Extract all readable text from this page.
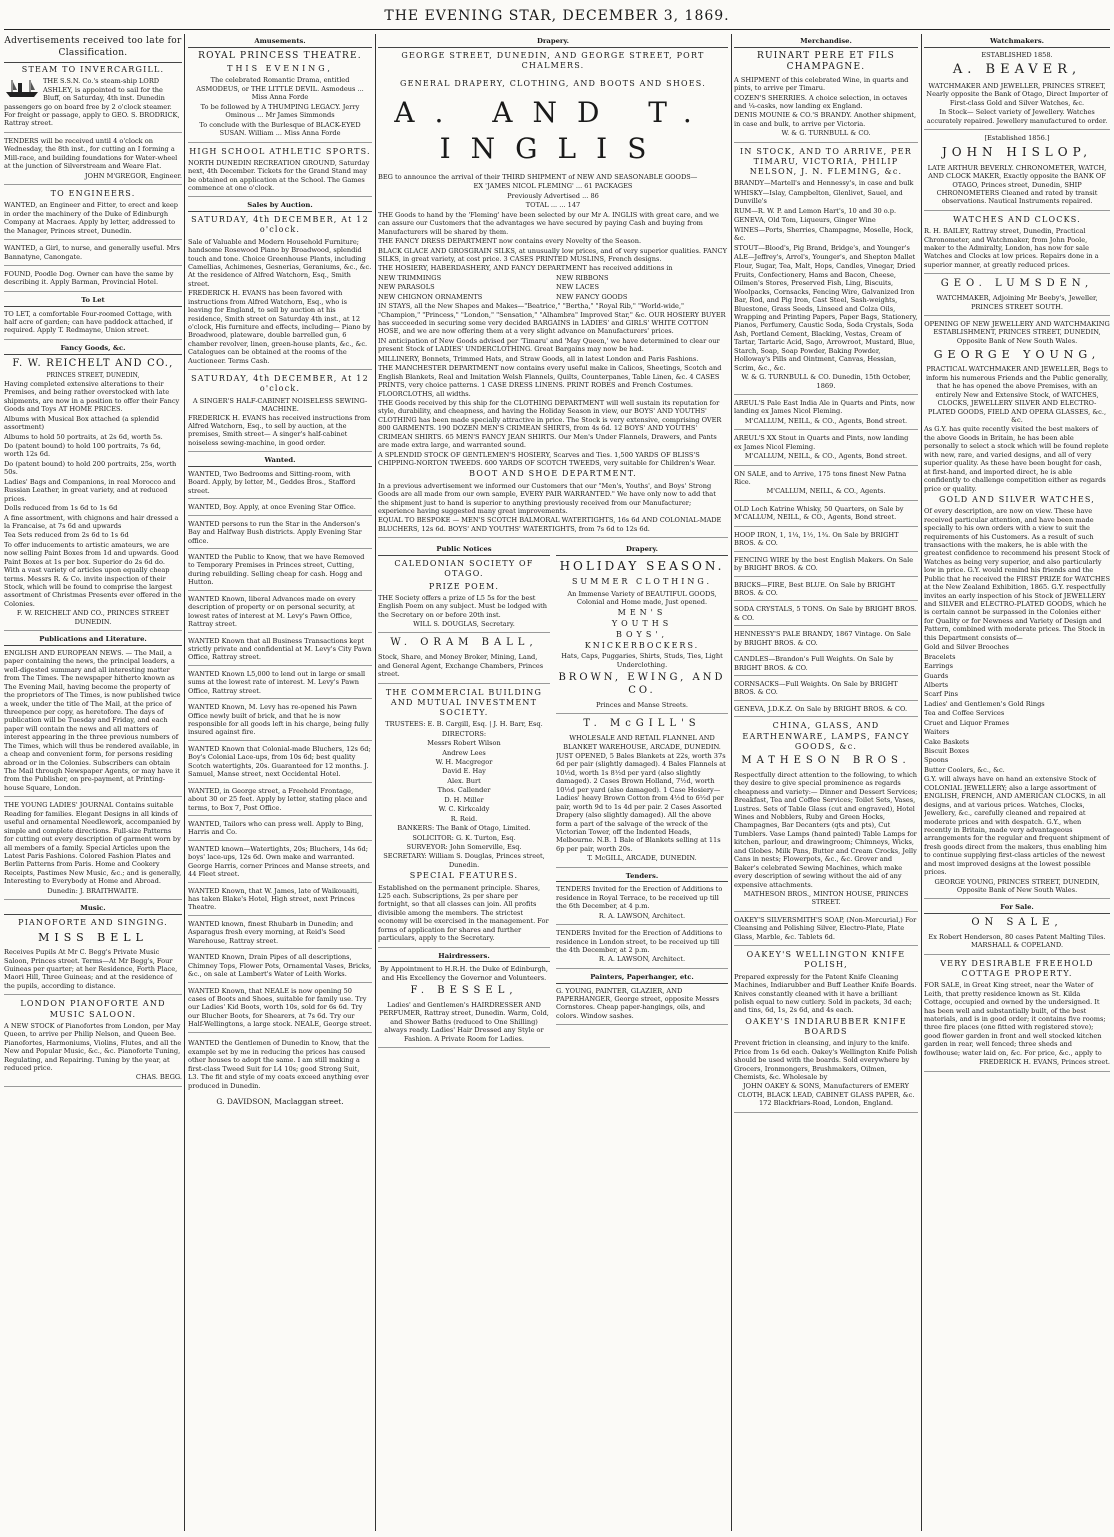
THE EVENING STAR, DECEMBER 3, 1869.
Advertisements received too late for Classification.
STEAM TO INVERCARGILL.

THE S.S.N. Co.'s steam-ship LORD ASHLEY, is appointed to sail for the Bluff, on Saturday, 4th inst. Dunedin passengers go on board free by 2 o'clock steamer. For freight or passage, apply to GEO. S. BRODRICK, Rattray street.

TENDERS will be received until 4 o'clock on Wednesday, the 8th inst., for cutting an I forming a Mill-race, and building foundations for Water-wheel at the junction of Silverstream and Weare Flat.

JOHN M'GREGOR, Engineer.

TO ENGINEERS.

WANTED, an Engineer and Fitter, to erect and keep in order the machinery of the Duke of Edinburgh Company at Macraes. Apply by letter, addressed to the Manager, Princes street, Dunedin.

WANTED, a Girl, to nurse, and generally useful. Mrs Bannatyne, Canongate.

FOUND, Poodle Dog. Owner can have the same by describing it. Apply Barman, Provincial Hotel.

To Let

TO LET, a comfortable Four-roomed Cottage, with half acre of garden; can have paddock attached, if required. Apply T. Redmayne, Union street.

Fancy Goods, &c.
F. W. REICHELT AND CO.,
PRINCES STREET, DUNEDIN,

Having completed extensive alterations to their Premises, and being rather overstocked with late shipments, are now in a position to offer their Fancy Goods and Toys AT HOME PRICES.

Albums with Musical Box attached (a splendid assortment)

Albums to hold 50 portraits, at 2s 6d, worth 5s.

Do (patent bound) to hold 100 portraits, 7s 6d, worth 12s 6d.

Do (patent bound) to hold 200 portraits, 25s, worth 50s.

Ladies' Bags and Companions, in real Morocco and Russian Leather, in great variety, and at reduced prices.

Dolls reduced from 1s 6d to 1s 6d

A fine assortment, with chignons and hair dressed a la Francaise, at 7s 6d and upwards

Tea Sets reduced from 2s 6d to 1s 6d

To offer inducements to artistic amateurs, we are now selling Paint Boxes from 1d and upwards. Good Paint Boxes at 1s per box. Superior do 2s 6d do. With a vast variety of articles upon equally cheap terms. Messrs R. & Co. invite inspection of their Stock, which will be found to comprise the largest assortment of Christmas Presents ever offered in the Colonies.

F. W. REICHELT AND CO., PRINCES STREET DUNEDIN.

Publications and Literature.

ENGLISH AND EUROPEAN NEWS. — The Mail, a paper containing the news, the principal leaders, a well-digested summary and all interesting matter from The Times. The newspaper hitherto known as The Evening Mail, having become the property of the proprietors of The Times, is now published twice a week, under the title of The Mail, at the price of threepence per copy, as heretofore. The days of publication will be Tuesday and Friday, and each paper will contain the news and all matters of interest appearing in the three previous numbers of The Times, which will thus be rendered available, in a cheap and convenient form, for persons residing abroad or in the Colonies. Subscribers can obtain The Mail through Newspaper Agents, or may have it from the Publisher, on pre-payment, at Printing-house Square, London.

THE YOUNG LADIES' JOURNAL Contains suitable Reading for families. Elegant Designs in all kinds of useful and ornamental Needlework, accompanied by simple and complete directions. Full-size Patterns for cutting out every description of garment worn by all members of a family. Special Articles upon the Latest Paris Fashions. Colored Fashion Plates and Berlin Patterns from Paris. Home and Cookery Receipts, Pastimes New Music, &c.; and is generally, Interesting to Everybody at Home and Abroad.

Dunedin: J. BRAITHWAITE.

Music.
PIANOFORTE AND SINGING.
MISS BELL

Receives Pupils At Mr C. Begg's Private Music Saloon, Princes street. Terms—At Mr Begg's, Four Guineas per quarter; at her Residence, Forth Place, Maori Hill, Three Guineas; and at the residence of the pupils, according to distance.

LONDON PIANOFORTE AND MUSIC SALOON.

A NEW STOCK of Pianofortes from London, per May Queen, to arrive per Philip Nelson, and Queen Bee. Pianofortes, Harmoniums, Violins, Flutes, and all the New and Popular Music, &c., &c. Pianoforte Tuning, Regulating, and Repairing. Tuning by the year, at reduced price.

CHAS. BEGG.

Amusements.
ROYAL PRINCESS THEATRE.
THIS EVENING,

The celebrated Romantic Drama, entitled ASMODEUS, or THE LITTLE DEVIL. Asmodeus ... Miss Anna Forde

To be followed by A THUMPING LEGACY. Jerry Ominous ... Mr James Simmonds

To conclude with the Burlesque of BLACK-EYED SUSAN. William ... Miss Anna Forde

HIGH SCHOOL ATHLETIC SPORTS.

NORTH DUNEDIN RECREATION GROUND, Saturday next, 4th December. Tickets for the Grand Stand may be obtained on application at the School. The Games commence at one o'clock.

Sales by Auction.
SATURDAY, 4th DECEMBER, At 12 o'clock.

Sale of Valuable and Modern Household Furniture; handsome Rosewood Piano by Broadwood, splendid touch and tone. Choice Greenhouse Plants, including Camellias, Achimenes, Gesnerias, Geraniums, &c., &c. At the residence of Alfred Watchorn, Esq., Smith street.

FREDERICK H. EVANS has been favored with instructions from Alfred Watchorn, Esq., who is leaving for England, to sell by auction at his residence, Smith street on Saturday 4th inst., at 12 o'clock, His furniture and effects, including— Piano by Broadwood, plateware, double barrelled gun, 6 chamber revolver, linen, green-house plants, &c., &c. Catalogues can be obtained at the rooms of the Auctioneer. Terms Cash.

SATURDAY, 4th DECEMBER, At 12 o'clock.
A SINGER'S HALF-CABINET NOISELESS SEWING-MACHINE.

FREDERICK H. EVANS has received instructions from Alfred Watchorn, Esq., to sell by auction, at the premises, Smith street— A singer's half-cabinet noiseless sewing-machine, in good order.

Wanted.

WANTED, Two Bedrooms and Sitting-room, with Board. Apply, by letter, M., Geddes Bros., Stafford street.

WANTED, Boy. Apply, at once Evening Star Office.

WANTED persons to run the Star in the Anderson's Bay and Halfway Bush districts. Apply Evening Star office.

WANTED the Public to Know, that we have Removed to Temporary Premises in Princes street, Cutting, during rebuilding. Selling cheap for cash. Hogg and Hutton.

WANTED Known, liberal Advances made on every description of property or on personal security, at lowest rates of interest at M. Levy's Pawn Office, Rattray street.

WANTED Known that all Business Transactions kept strictly private and confidential at M. Levy's City Pawn Office, Rattray street.

WANTED Known L5,000 to lend out in large or small sums at the lowest rate of interest. M. Levy's Pawn Office, Rattray street.

WANTED Known, M. Levy has re-opened his Pawn Office newly built of brick, and that he is now responsible for all goods left in his charge, being fully insured against fire.

WANTED Known that Colonial-made Bluchers, 12s 6d; Boy's Colonial Lace-ups, from 10s 6d; best quality Scotch watertights, 20s. Guaranteed for 12 months. J. Samuel, Manse street, next Occidental Hotel.

WANTED, in George street, a Freehold Frontage, about 30 or 25 feet. Apply by letter, stating place and terms, to Box 7, Post Office.

WANTED, Tailors who can press well. Apply to Bing, Harris and Co.

WANTED known—Watertights, 20s; Bluchers, 14s 6d; boys' lace-ups, 12s 6d. Own make and warranted. George Harris, corner Princes and Manse streets, and 44 Fleet street.

WANTED Known, that W. James, late of Waikouaiti, has taken Blake's Hotel, High street, next Princes Theatre.

WANTED known, finest Rhubarb in Dunedin; and Asparagus fresh every morning, at Reid's Seed Warehouse, Rattray street.

WANTED Known, Drain Pipes of all descriptions, Chimney Tops, Flower Pots, Ornamental Vases, Bricks, &c., on sale at Lambert's Water of Leith Works.

WANTED Known, that NEALE is now opening 50 cases of Boots and Shoes, suitable for family use. Try our Ladies' Kid Boots, worth 10s, sold for 6s 6d. Try our Blucher Boots, for Shearers, at 7s 6d. Try our Half-Wellingtons, a large stock. NEALE, George street.

WANTED the Gentlemen of Dunedin to Know, that the example set by me in reducing the prices has caused other houses to adopt the same. I am still making a first-class Tweed Suit for L4 10s; good Strong Suit, L3. The fit and style of my coats exceed anything ever produced in Dunedin.

G. DAVIDSON, Maclaggan street.

Drapery.
GEORGE STREET, DUNEDIN, AND GEORGE STREET, PORT CHALMERS.
GENERAL DRAPERY, CLOTHING, AND BOOTS AND SHOES.
A. AND T. INGLIS

BEG to announce the arrival of their THIRD SHIPMENT of NEW AND SEASONABLE GOODS—

EX 'JAMES NICOL FLEMING' ... 61 PACKAGES

Previously Advertised ... 86

TOTAL ... ... 147

THE Goods to hand by the 'Fleming' have been selected by our Mr A. INGLIS with great care, and we can assure our Customers that the advantages we have secured by paying Cash and buying from Manufacturers will be shared by them.

THE FANCY DRESS DEPARTMENT now contains every Novelty of the Season.

BLACK GLACE AND GROSGRAIN SILKS, at unusually low prices, and of very superior qualities. FANCY SILKS, in great variety, at cost price. 3 CASES PRINTED MUSLINS, French designs.

THE HOSIERY, HABERDASHERY, AND FANCY DEPARTMENT has received additions in

NEW TRIMMINGS

NEW PARASOLS

NEW CHIGNON ORNAMENTS

NEW RIBBONS

NEW LACES

NEW FANCY GOODS

IN STAYS, all the New Shapes and Makes—"Beatrice," "Bertha," "Royal Rib," "World-wide," "Champion," "Princess," "London," "Sensation," "Alhambra" Improved Star," &c. OUR HOSIERY BUYER has succeeded in securing some very decided BARGAINS in LADIES' and GIRLS' WHITE COTTON HOSE, and we are now offering them at a very slight advance on Manufacturers' prices.

IN anticipation of New Goods advised per 'Timaru' and 'May Queen,' we have determined to clear our present Stock of LADIES' UNDERCLOTHING. Great Bargains may now be had.

MILLINERY, Bonnets, Trimmed Hats, and Straw Goods, all in latest London and Paris Fashions.

THE MANCHESTER DEPARTMENT now contains every useful make in Calicos, Sheetings, Scotch and English Blankets, Real and Imitation Welsh Flannels, Quilts, Counterpanes, Table Linen, &c. 4 CASES PRINTS, very choice patterns. 1 CASE DRESS LINENS. PRINT ROBES and French Costumes. FLOORCLOTHS, all widths.

THE Goods received by this ship for the CLOTHING DEPARTMENT will well sustain its reputation for style, durability, and cheapness, and having the Holiday Season in view, our BOYS' AND YOUTHS' CLOTHING has been made specially attractive in price. The Stock is very extensive, comprising OVER 800 GARMENTS. 190 DOZEN MEN'S CRIMEAN SHIRTS, from 4s 6d. 12 BOYS' AND YOUTHS' CRIMEAN SHIRTS. 65 MEN'S FANCY JEAN SHIRTS. Our Men's Under Flannels, Drawers, and Pants are made extra large, and warranted sound.

A SPLENDID STOCK OF GENTLEMEN'S HOSIERY, Scarves and Ties. 1,500 YARDS OF BLISS'S CHIPPING-NORTON TWEEDS. 600 YARDS OF SCOTCH TWEEDS, very suitable for Children's Wear.

BOOT AND SHOE DEPARTMENT.

In a previous advertisement we informed our Customers that our "Men's, Youths', and Boys' Strong Goods are all made from our own sample, EVERY PAIR WARRANTED." We have only now to add that the shipment just to hand is superior to anything previously received from our Manufacturer; experience having suggested many great improvements.

EQUAL TO BESPOKE — MEN'S SCOTCH BALMORAL WATERTIGHTS, 16s 6d AND COLONIAL-MADE BLUCHERS, 12s 6d. BOYS' AND YOUTHS' WATERTIGHTS, from 7s 6d to 12s 6d.

Public Notices
CALEDONIAN SOCIETY OF OTAGO.
PRIZE POEM.

THE Society offers a prize of L5 5s for the best English Poem on any subject. Must be lodged with the Secretary on or before 20th inst.

WILL S. DOUGLAS, Secretary.

W. ORAM BALL,

Stock, Share, and Money Broker, Mining, Land, and General Agent, Exchange Chambers, Princes street.

THE COMMERCIAL BUILDING AND MUTUAL INVESTMENT SOCIETY.

TRUSTEES: E. B. Cargill, Esq. | J. H. Barr, Esq.

DIRECTORS:

Messrs Robert Wilson

Andrew Lees

W. H. Macgregor

David E. Hay

Alex. Burt

Thos. Callender

D. H. Miller

W. C. Kirkcaldy

R. Reid.

BANKERS: The Bank of Otago, Limited.

SOLICITOR: G. K. Turton, Esq.

SURVEYOR: John Somerville, Esq.

SECRETARY: William S. Douglas, Princes street, Dunedin.

SPECIAL FEATURES.

Established on the permanent principle. Shares, L25 each. Subscriptions, 2s per share per fortnight, so that all classes can join. All profits divisible among the members. The strictest economy will be exercised in the management. For forms of application for shares and further particulars, apply to the Secretary.

Hairdressers.

By Appointment to H.R.H. the Duke of Edinburgh, and His Excellency the Governor and Volunteers.

F. BESSEL,

Ladies' and Gentlemen's HAIRDRESSER AND PERFUMER, Rattray street, Dunedin. Warm, Cold, and Shower Baths (reduced to One Shilling) always ready. Ladies' Hair Dressed any Style or Fashion. A Private Room for Ladies.

Drapery.
HOLIDAY SEASON.
SUMMER CLOTHING.

An Immense Variety of BEAUTIFUL GOODS, Colonial and Home made, Just opened.

MEN'S

YOUTHS

BOYS',

KNICKERBOCKERS.

Hats, Caps, Puggaries, Shirts, Studs, Ties, Light Underclothing.

BROWN, EWING, AND CO.

Princes and Manse Streets.

T. McGILL'S

WHOLESALE AND RETAIL FLANNEL AND BLANKET WAREHOUSE, ARCADE, DUNEDIN.

JUST OPENED, 5 Bales Blankets at 22s, worth 37s 6d per pair (slightly damaged). 4 Bales Flannels at 10½d, worth 1s 8½d per yard (also slightly damaged). 2 Cases Brown Holland, 7½d, worth 10½d per yard (also damaged). 1 Case Hosiery—Ladies' heavy Brown Cotton from 4½d to 6½d per pair, worth 9d to 1s 4d per pair. 2 Cases Assorted Drapery (also slightly damaged). All the above form a part of the salvage of the wreck of the Victorian Tower, off the Indented Heads, Melbourne. N.B. 1 Bale of Blankets selling at 11s 6p per pair, worth 20s.

T. McGILL, ARCADE, DUNEDIN.

Tenders.

TENDERS Invited for the Erection of Additions to residence in Royal Terrace, to be received up till the 6th December, at 4 p.m.

R. A. LAWSON, Architect.

TENDERS Invited for the Erection of Additions to residence in London street, to be received up till the 4th December, at 2 p.m.

R. A. LAWSON, Architect.

Painters, Paperhanger, etc.

G. YOUNG, PAINTER, GLAZIER, AND PAPERHANGER, George street, opposite Messrs Cornstores. Cheap paper-hangings, oils, and colors. Window sashes.

Merchandise.
RUINART PERE ET FILS CHAMPAGNE.

A SHIPMENT of this celebrated Wine, in quarts and pints, to arrive per Timaru.

COZEN'S SHERRIES. A choice selection, in octaves and ¼-casks, now landing ex England.

DENIS MOUNIE & CO.'S BRANDY. Another shipment, in case and bulk, to arrive per Victoria.

W. & G. TURNBULL & CO.

IN STOCK, AND TO ARRIVE, PER TIMARU, VICTORIA, PHILIP NELSON, J. N. FLEMING, &c.

BRANDY—Martell's and Hennessy's, in case and bulk

WHISKY—Islay, Campbelton, Glenlivet, Sauel, and Dunville's

RUM—R. W. P. and Lemon Hart's, 10 and 30 o.p.

GENEVA, Old Tom, Liqueurs, Ginger Wine

WINES—Ports, Sherries, Champagne, Moselle, Hock, &c.

STOUT—Blood's, Pig Brand, Bridge's, and Younger's

ALE—Jeffrey's, Arrol's, Younger's, and Shepton Mallet

Flour, Sugar, Tea, Malt, Hops, Candles, Vinegar, Dried Fruits, Confectionery, Hams and Bacon, Cheese, Oilmen's Stores, Preserved Fish, Ling, Biscuits, Woolpacks, Cornsacks, Fencing Wire, Galvanized Iron Bar, Rod, and Pig Iron, Cast Steel, Sash-weights, Bluestone, Grass Seeds, Linseed and Colza Oils, Wrapping and Printing Papers, Paper Bags, Stationery, Pianos, Perfumery, Caustic Soda, Soda Crystals, Soda Ash, Portland Cement, Blacking, Vestas, Cream of Tartar, Tartaric Acid, Sago, Arrowroot, Mustard, Blue, Starch, Soap, Soap Powder, Baking Powder, Holloway's Pills and Ointment, Canvas, Hessian, Scrim, &c., &c.

W. & G. TURNBULL & CO. Dunedin, 15th October, 1869.

AREUL'S Pale East India Ale in Quarts and Pints, now landing ex James Nicol Fleming.

M'CALLUM, NEILL, & CO., Agents, Bond street.

AREUL'S XX Stout in Quarts and Pints, now landing ex James Nicol Fleming.

M'CALLUM, NEILL, & CO., Agents, Bond street.

ON SALE, and to Arrive, 175 tons finest New Patna Rice.

M'CALLUM, NEILL, & CO., Agents.

OLD Loch Katrine Whisky, 50 Quarters, on Sale by M'CALLUM, NEILL, & CO., Agents, Bond street.

HOOP IRON, 1, 1¼, 1½, 1¾. On Sale by BRIGHT BROS. & CO.

FENCING WIRE by the best English Makers. On Sale by BRIGHT BROS. & CO.

BRICKS—FIRE, Best BLUE. On Sale by BRIGHT BROS. & CO.

SODA CRYSTALS, 5 TONS. On Sale by BRIGHT BROS. & CO.

HENNESSY'S PALE BRANDY, 1867 Vintage. On Sale by BRIGHT BROS. & CO.

CANDLES—Brandon's Full Weights. On Sale by BRIGHT BROS. & CO.

CORNSACKS—Full Weights. On Sale by BRIGHT BROS. & CO.

GENEVA, J.D.K.Z. On Sale by BRIGHT BROS. & CO.

CHINA, GLASS, AND EARTHENWARE, LAMPS, FANCY GOODS, &c.
MATHESON BROS.

Respectfully direct attention to the following, to which they desire to give special prominence as regards cheapness and variety:— Dinner and Dessert Services; Breakfast, Tea and Coffee Services; Toilet Sets, Vases, Lustres. Sets of Table Glass (cut and engraved), Hotel Wines and Nobblers, Ruby and Green Hocks, Champagnes, Bar Decanters (qts and pts), Cut Tumblers. Vase Lamps (hand painted) Table Lamps for kitchen, parlour, and drawingroom; Chimneys, Wicks, and Globes. Milk Pans, Butter and Cream Crocks, Jelly Cans in nests; Flowerpots, &c., &c. Grover and Baker's celebrated Sewing Machines, which make every description of sewing without the aid of any expensive attachments.

MATHESON BROS., MINTON HOUSE, PRINCES STREET.

OAKEY'S SILVERSMITH'S SOAP, (Non-Mercurial,) For Cleansing and Polishing Silver, Electro-Plate, Plate Glass, Marble, &c. Tablets 6d.

OAKEY'S WELLINGTON KNIFE POLISH,

Prepared expressly for the Patent Knife Cleaning Machines, Indiarubber and Buff Leather Knife Boards. Knives constantly cleaned with it have a brilliant polish equal to new cutlery. Sold in packets, 3d each; and tins, 6d, 1s, 2s 6d, and 4s each.

OAKEY'S INDIARUBBER KNIFE BOARDS

Prevent friction in cleansing, and injury to the knife. Price from 1s 6d each. Oakey's Wellington Knife Polish should be used with the boards. Sold everywhere by Grocers, Ironmongers, Brushmakers, Oilmen, Chemists, &c. Wholesale by

JOHN OAKEY & SONS, Manufacturers of EMERY CLOTH, BLACK LEAD, CABINET GLASS PAPER, &c. 172 Blackfriars-Road, London, England.

Watchmakers.

ESTABLISHED 1858.

A. BEAVER,

WATCHMAKER AND JEWELLER, PRINCES STREET, Nearly opposite the Bank of Otago, Direct Importer of First-class Gold and Silver Watches, &c.

In Stock— Select variety of Jewellery. Watches accurately repaired. Jewellery manufactured to order.

[Established 1856.]

JOHN HISLOP,

LATE ARTHUR BEVERLY. CHRONOMETER, WATCH, AND CLOCK MAKER, Exactly opposite the BANK OF OTAGO, Princes street, Dunedin, SHIP CHRONOMETERS Cleaned and rated by transit observations. Nautical Instruments repaired.

WATCHES AND CLOCKS.

R. H. BAILEY, Rattray street, Dunedin, Practical Chronometer, and Watchmaker, from John Poole, maker to the Admiralty, London, has now for sale Watches and Clocks at low prices. Repairs done in a superior manner, at greatly reduced prices.

GEO. LUMSDEN,

WATCHMAKER, Adjoining Mr Beeby's, Jeweller, PRINCES STREET SOUTH.

OPENING OF NEW JEWELLERY AND WATCHMAKING ESTABLISHMENT, PRINCES STREET, DUNEDIN, Opposite Bank of New South Wales.

GEORGE YOUNG,

PRACTICAL WATCHMAKER AND JEWELLER, Begs to inform his numerous Friends and the Public generally, that he has opened the above Premises, with an entirely New and Extensive Stock, of WATCHES, CLOCKS, JEWELLERY SILVER AND ELECTRO-PLATED GOODS, FIELD AND OPERA GLASSES, &c., &c.

As G.Y. has quite recently visited the best makers of the above Goods in Britain, he has been able personally to select a stock which will be found replete with new, rare, and varied designs, and all of very superior quality. As these have been bought for cash, at first-hand, and imported direct, he is able confidently to challenge competition either as regards price or quality.

GOLD AND SILVER WATCHES,

Of every description, are now on view. These have received particular attention, and have been made specially to his own orders with a view to suit the requirements of his Customers. As a result of such transactions with the makers, he is able with the greatest confidence to recommend his present Stock of Watches as being very superior, and also particularly low in price. G.Y. would remind his friends and the Public that he received the FIRST PRIZE for WATCHES at the New Zealand Exhibition, 1865. G.Y. respectfully invites an early inspection of his Stock of JEWELLERY and SILVER and ELECTRO-PLATED GOODS, which he is certain cannot be surpassed in the Colonies either for Quality or for Newness and Variety of Design and Pattern, combined with moderate prices. The Stock in this Department consists of—

Gold and Silver Brooches

Bracelets

Earrings

Guards

Alberts

Scarf Pins

Ladies' and Gentlemen's Gold Rings

Tea and Coffee Services

Cruet and Liquor Frames

Waiters

Cake Baskets

Biscuit Boxes

Spoons

Butter Coolers, &c., &c.

G.Y. will always have on hand an extensive Stock of COLONIAL JEWELLERY; also a large assortment of ENGLISH, FRENCH, AND AMERICAN CLOCKS, in all designs, and at various prices. Watches, Clocks, Jewellery, &c., carefully cleaned and repaired at moderate prices and with despatch. G.Y., when recently in Britain, made very advantageous arrangements for the regular and frequent shipment of fresh goods direct from the makers, thus enabling him to continue supplying first-class articles of the newest and most improved designs at the lowest possible prices.

GEORGE YOUNG, PRINCES STREET, DUNEDIN, Opposite Bank of New South Wales.

For Sale.
ON SALE,

Ex Robert Henderson, 80 cases Patent Malting Tiles. MARSHALL & COPELAND.

VERY DESIRABLE FREEHOLD COTTAGE PROPERTY.

FOR SALE, in Great King street, near the Water of Leith, that pretty residence known as St. Kilda Cottage, occupied and owned by the undersigned. It has been well and substantially built, of the best materials, and is in good order; it contains five rooms; three fire places (one fitted with registered stove); good flower garden in front and well stocked kitchen garden in rear, well fenced; three sheds and fowlhouse; water laid on, &c. For price, &c., apply to

FREDERICK H. EVANS, Princes street.
